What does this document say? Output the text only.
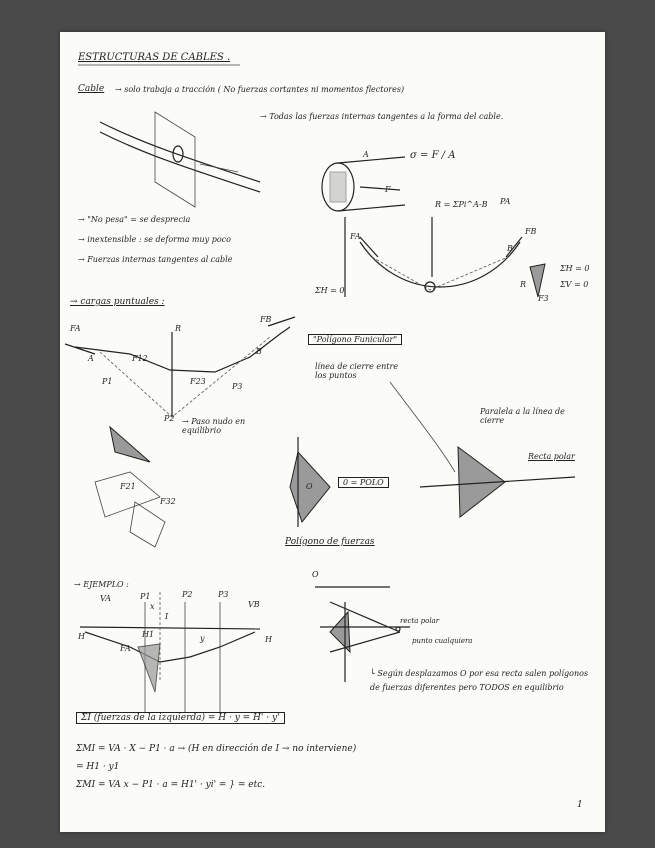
ESTRUCTURAS DE CABLES .
Cable → solo trabaja a tracción ( No fuerzas cortantes ni momentos flectores)
→ Todas las fuerzas internas tangentes a la forma del cable.
σ = F / A
A
F
→ "No pesa" = se desprecia
→ inextensible : se deforma muy poco
→ Fuerzas internas tangentes al cable
ΣH = 0
R = ΣPi^A-B PA
FA
FB
B
R
F3
ΣH = 0
ΣV = 0
→ cargas puntuales :
"Polígono Funicular"
línea de cierre entre los puntos
→ Paso nudo en equilibrio
Paralela a la línea de cierre
Recta polar
Polígono de fuerzas
0 = POLO
FA
A
P1
F12
F23
P2
P3
R
FB
B
F21
F32
O
→ EJEMPLO :
VA
VB
H	H
I
H1	y
FA
P1	P2	P3
x
O
recta polar
punto cualquiera
└ Según desplazamos O por esa recta salen polígonos de fuerzas diferentes pero TODOS en equilibrio
ΣI (fuerzas de la izquierda) = H · y = H' · y'
ΣMI = VA · X − P1 · a → (H en dirección de I → no interviene)
= H1 · y1
ΣMI = VA x − P1 · a = H1' · yi' = } = etc.
1
